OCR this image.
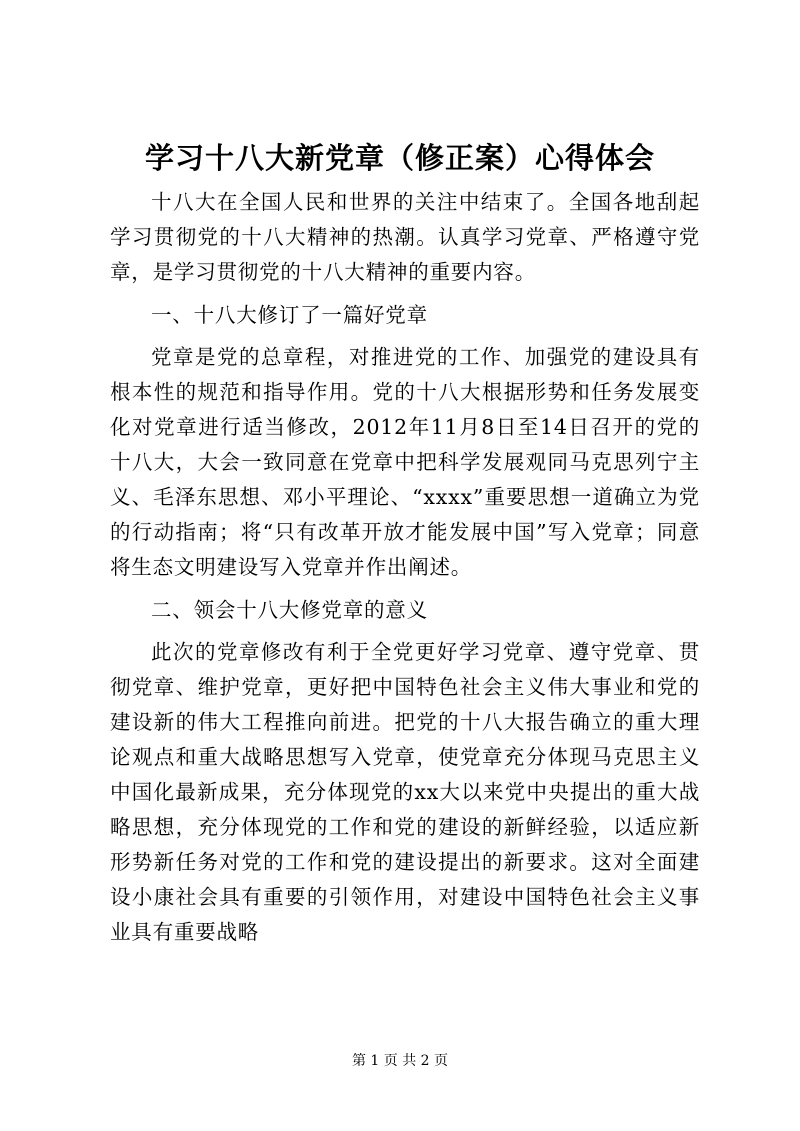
学习十八大新党章（修正案）心得体会

十八大在全国人民和世界的关注中结束了。全国各地刮起学习贯彻党的十八大精神的热潮。认真学习党章、严格遵守党章，是学习贯彻党的十八大精神的重要内容。

一、十八大修订了一篇好党章

党章是党的总章程，对推进党的工作、加强党的建设具有根本性的规范和指导作用。党的十八大根据形势和任务发展变化对党章进行适当修改，2012年11月8日至14日召开的党的十八大，大会一致同意在党章中把科学发展观同马克思列宁主义、毛泽东思想、邓小平理论、“xxxx”重要思想一道确立为党的行动指南；将“只有改革开放才能发展中国”写入党章；同意将生态文明建设写入党章并作出阐述。

二、领会十八大修党章的意义

此次的党章修改有利于全党更好学习党章、遵守党章、贯彻党章、维护党章，更好把中国特色社会主义伟大事业和党的建设新的伟大工程推向前进。把党的十八大报告确立的重大理论观点和重大战略思想写入党章，使党章充分体现马克思主义中国化最新成果，充分体现党的xx大以来党中央提出的重大战略思想，充分体现党的工作和党的建设的新鲜经验，以适应新形势新任务对党的工作和党的建设提出的新要求。这对全面建设小康社会具有重要的引领作用，对建设中国特色社会主义事业具有重要战略

第 1 页 共 2 页
